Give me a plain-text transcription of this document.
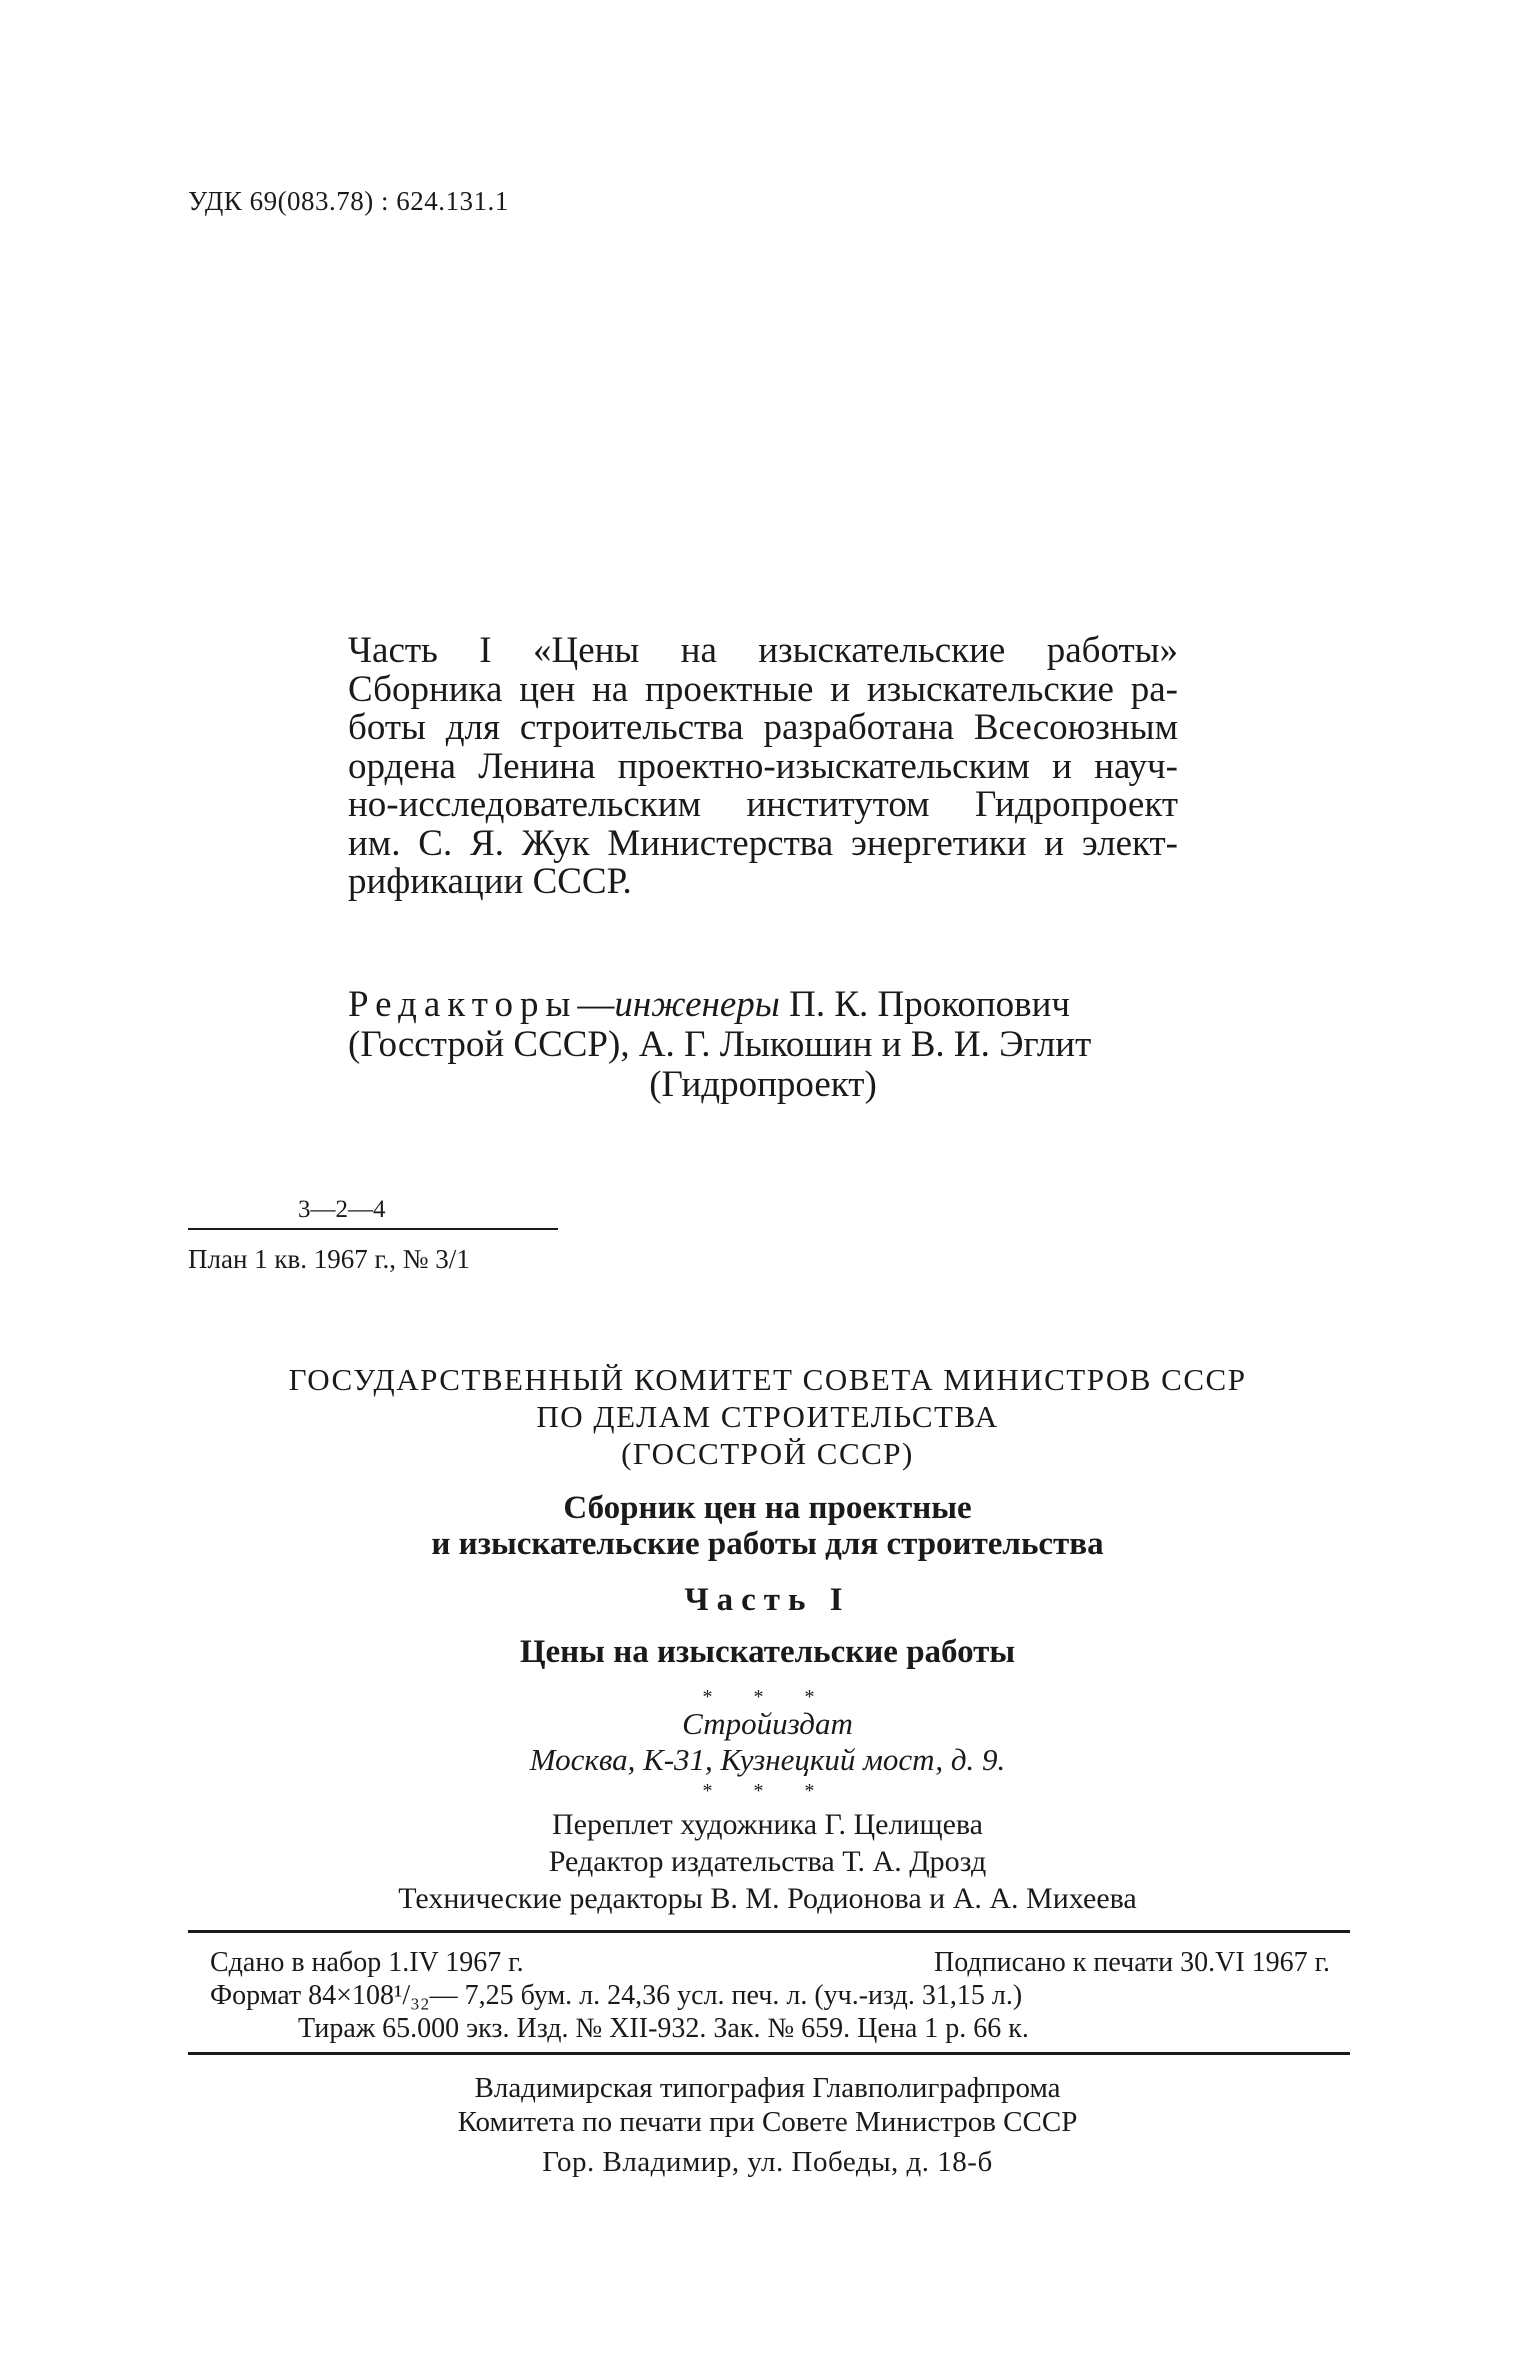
УДК 69(083.78) : 624.131.1
Часть I «Цены на изыскательские работы»
Сборника цен на проектные и изыскательские ра-
боты для строительства разработана Всесоюзным
ордена Ленина проектно-изыскательским и науч-
но-исследовательским институтом Гидропроект
им. С. Я. Жук Министерства энергетики и элект-
рификации СССР.
Редакторы—инженеры П. К. Прокопович
(Госстрой СССР), А. Г. Лыкошин и В. И. Эглит
(Гидропроект)
3—2—4
План 1 кв. 1967 г., № 3/1
ГОСУДАРСТВЕННЫЙ КОМИТЕТ СОВЕТА МИНИСТРОВ СССР
ПО ДЕЛАМ СТРОИТЕЛЬСТВА
(ГОССТРОЙ СССР)
Сборник цен на проектные
и изыскательские работы для строительства
Часть I
Цены на изыскательские работы
* * *
Стройиздат
Москва, К-31, Кузнецкий мост, д. 9.
* * *
Переплет художника Г. Целищева
Редактор издательства Т. А. Дрозд
Технические редакторы В. М. Родионова и А. А. Михеева
Сдано в набор 1.IV 1967 г.	Подписано к печати 30.VI 1967 г.
Формат 84×108¹/₃₂— 7,25 бум. л. 24,36 усл. печ. л. (уч.-изд. 31,15 л.)
Тираж 65.000 экз. Изд. № XII-932. Зак. № 659. Цена 1 р. 66 к.
Владимирская типография Главполиграфпрома
Комитета по печати при Совете Министров СССР
Гор. Владимир, ул. Победы, д. 18-б
